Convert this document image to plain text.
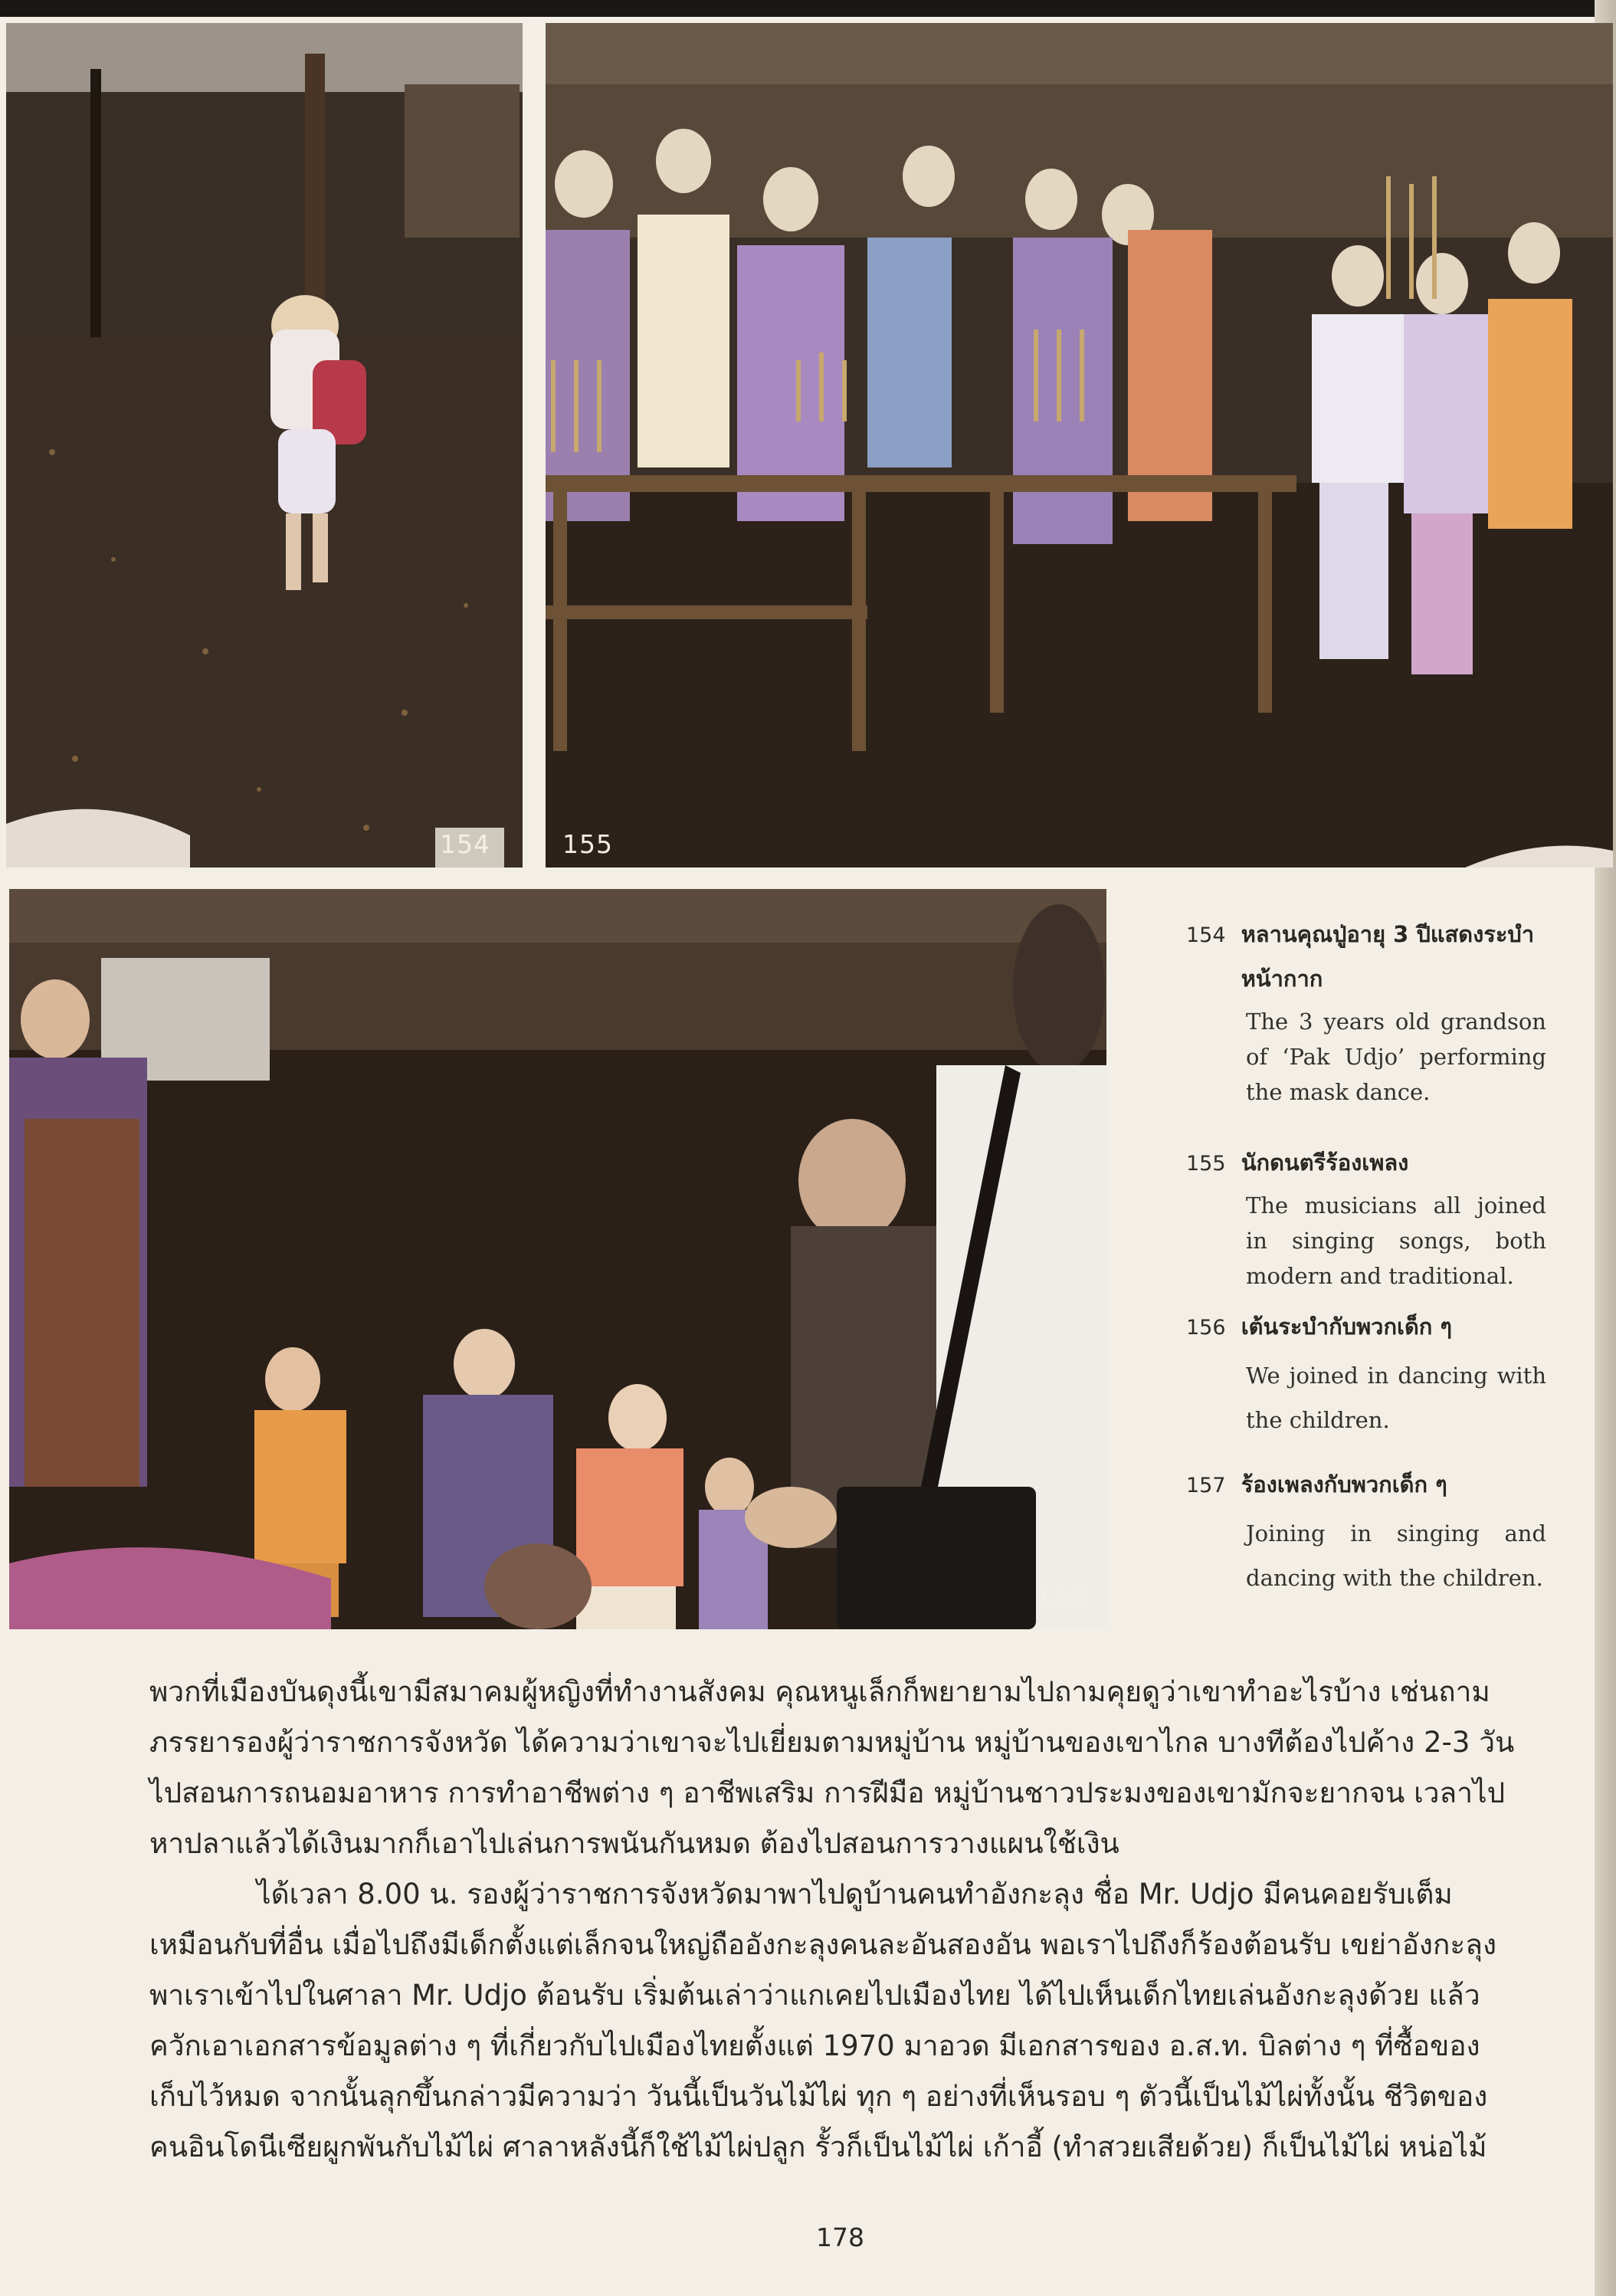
154	155
156
154 หลานคุณปู่อายุ 3 ปีแสดงระบำหน้ากาก
The 3 years old grandson of ‘Pak Udjo’ performing the mask dance.
155 นักดนตรีร้องเพลง
The musicians all joined in singing songs, both modern and traditional.
156 เต้นระบำกับพวกเด็ก ๆ
We joined in dancing with the children.
157 ร้องเพลงกับพวกเด็ก ๆ
Joining in singing and dancing with the children.

พวกที่เมืองบันดุงนี้เขามีสมาคมผู้หญิงที่ทำงานสังคม คุณหนูเล็กก็พยายามไปถามคุยดูว่าเขาทำอะไรบ้าง เช่นถามภรรยารองผู้ว่าราชการจังหวัด ได้ความว่าเขาจะไปเยี่ยมตามหมู่บ้าน หมู่บ้านของเขาไกล บางทีต้องไปค้าง 2-3 วัน ไปสอนการถนอมอาหาร การทำอาชีพต่าง ๆ อาชีพเสริม การฝีมือ หมู่บ้านชาวประมงของเขามักจะยากจน เวลาไปหาปลาแล้วได้เงินมากก็เอาไปเล่นการพนันกันหมด ต้องไปสอนการวางแผนใช้เงิน

ได้เวลา 8.00 น. รองผู้ว่าราชการจังหวัดมาพาไปดูบ้านคนทำอังกะลุง ชื่อ Mr. Udjo มีคนคอยรับเต็มเหมือนกับที่อื่น เมื่อไปถึงมีเด็กตั้งแต่เล็กจนใหญ่ถืออังกะลุงคนละอันสองอัน พอเราไปถึงก็ร้องต้อนรับ เขย่าอังกะลุงพาเราเข้าไปในศาลา Mr. Udjo ต้อนรับ เริ่มต้นเล่าว่าแกเคยไปเมืองไทย ได้ไปเห็นเด็กไทยเล่นอังกะลุงด้วย แล้วควักเอาเอกสารข้อมูลต่าง ๆ ที่เกี่ยวกับไปเมืองไทยตั้งแต่ 1970 มาอวด มีเอกสารของ อ.ส.ท. บิลต่าง ๆ ที่ซื้อของเก็บไว้หมด จากนั้นลุกขึ้นกล่าวมีความว่า วันนี้เป็นวันไม้ไผ่ ทุก ๆ อย่างที่เห็นรอบ ๆ ตัวนี้เป็นไม้ไผ่ทั้งนั้น ชีวิตของคนอินโดนีเซียผูกพันกับไม้ไผ่ ศาลาหลังนี้ก็ใช้ไม้ไผ่ปลูก รั้วก็เป็นไม้ไผ่ เก้าอี้ (ทำสวยเสียด้วย) ก็เป็นไม้ไผ่ หน่อไม้

178
